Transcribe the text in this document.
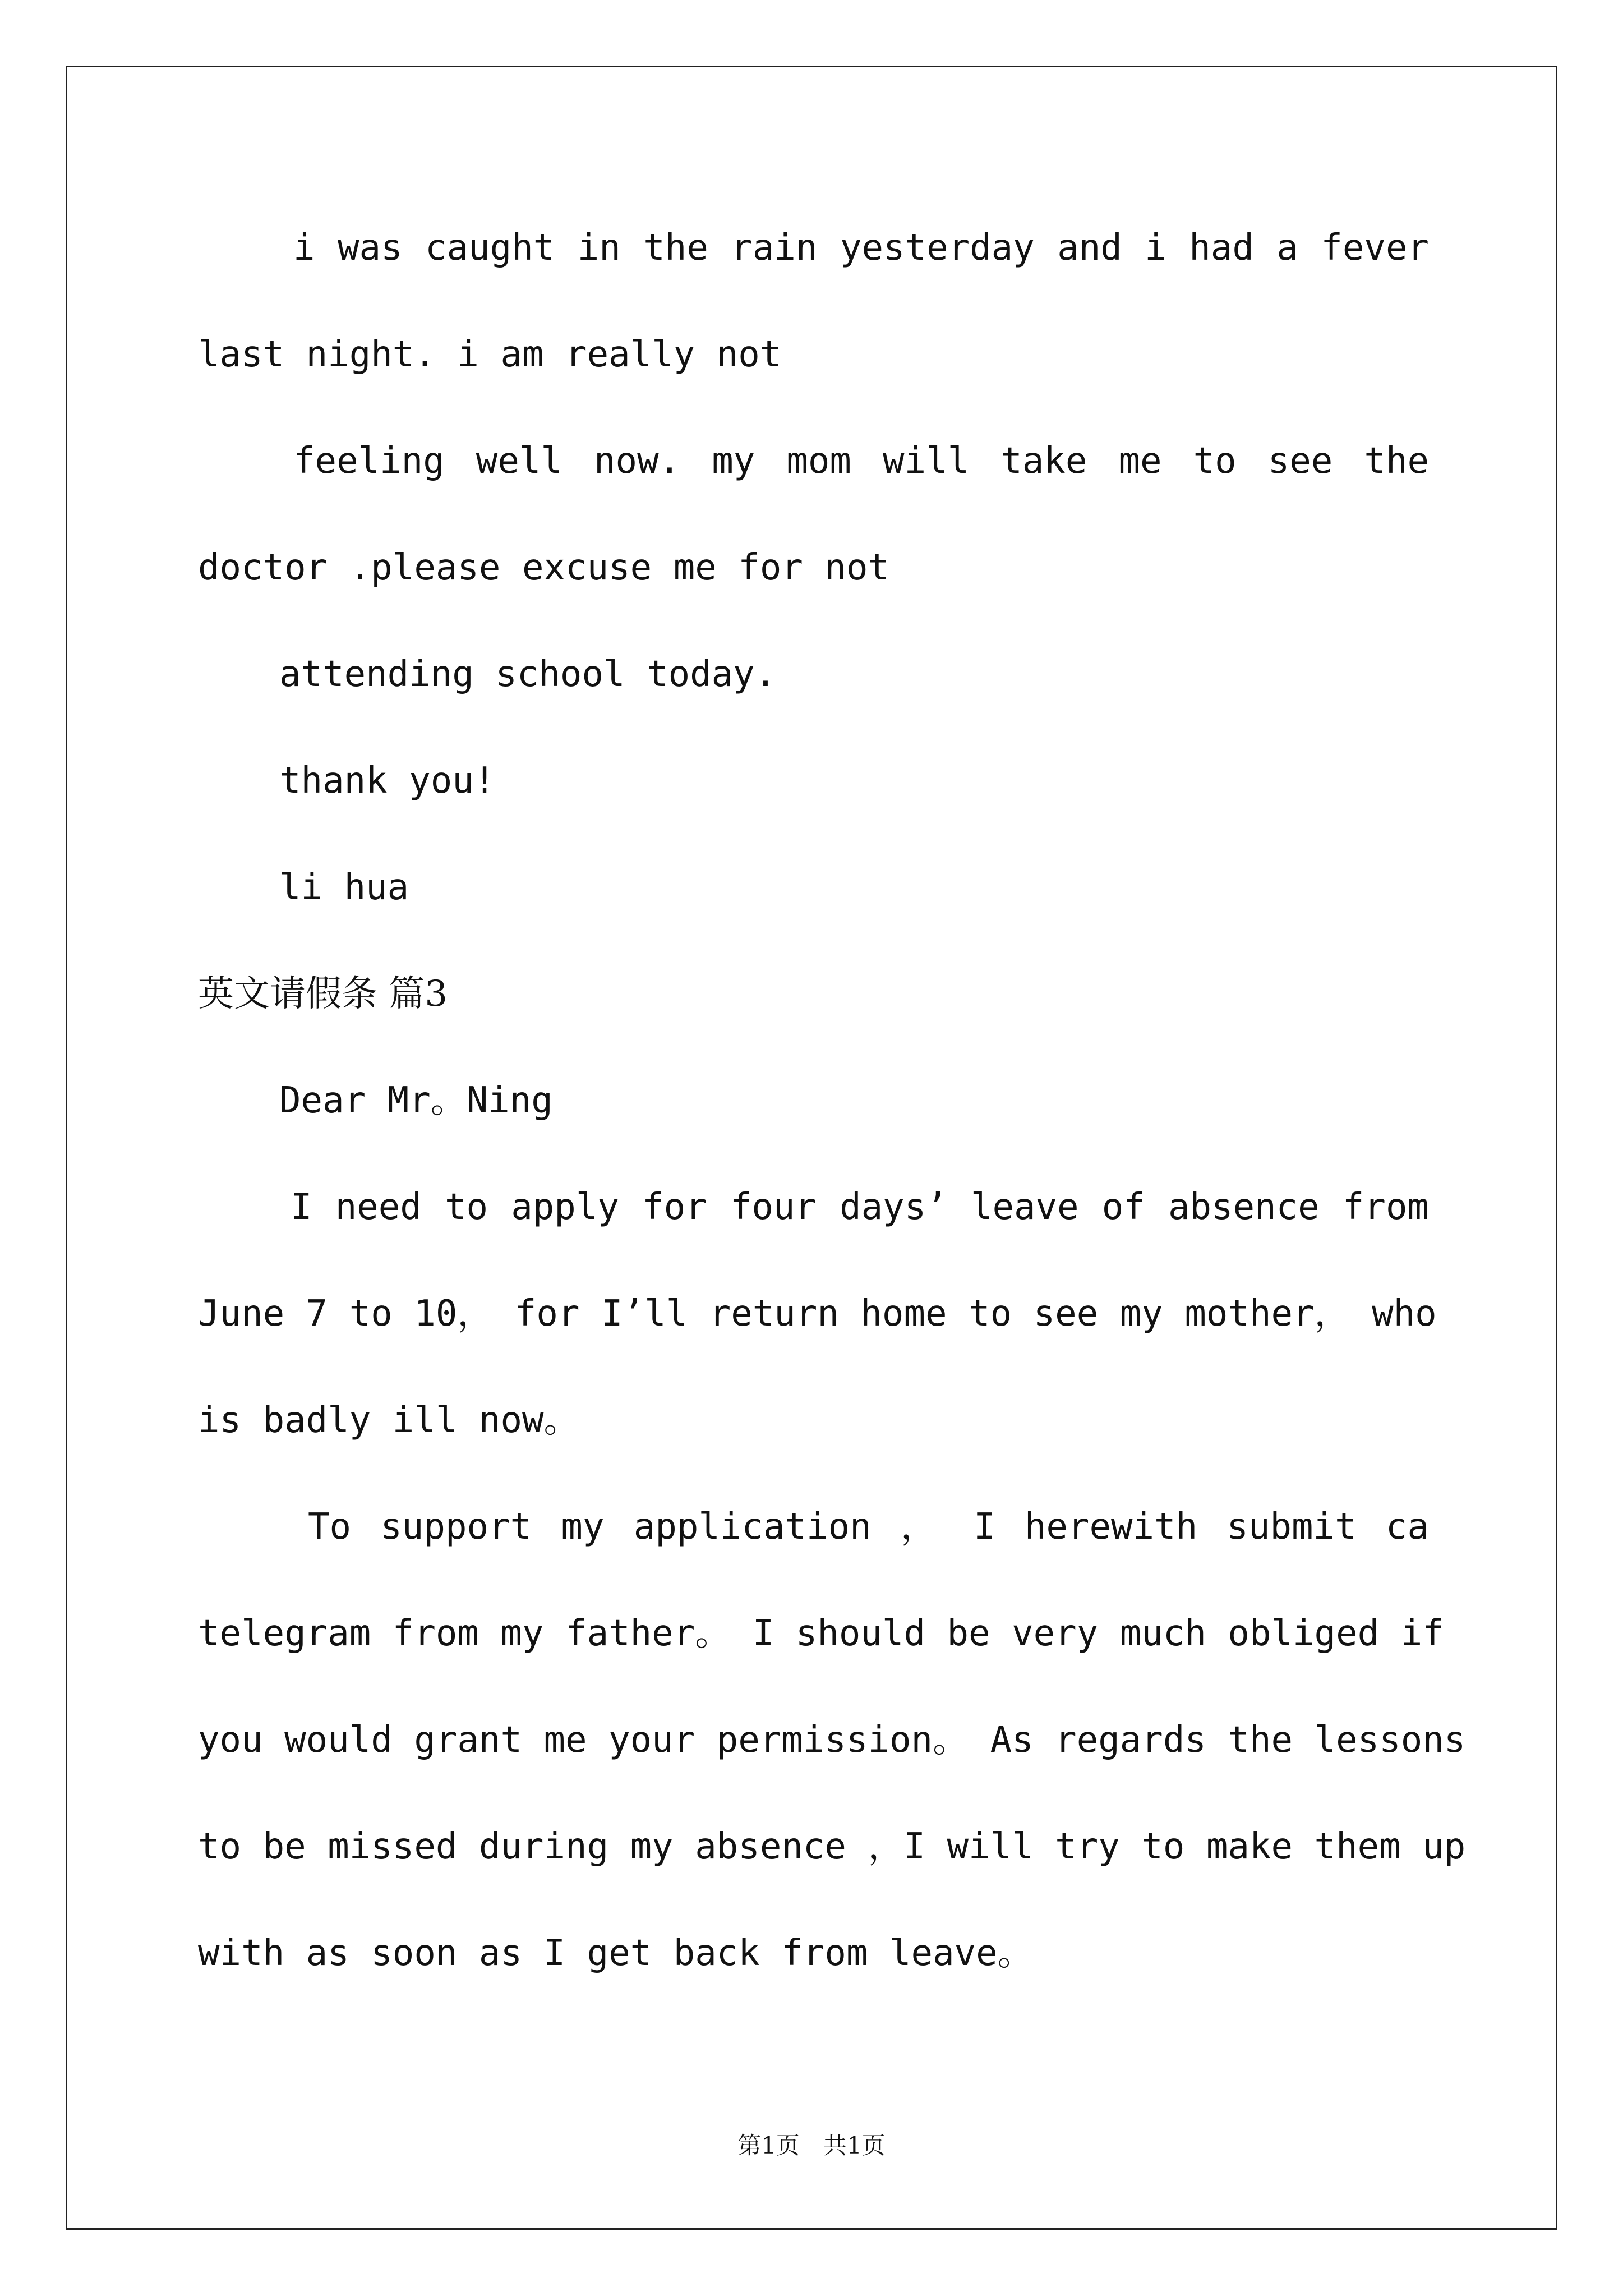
i was caught in the rain yesterday and i had a fever
last night. i am really not
feeling well now. my mom will take me to see the
doctor .please excuse me for not
attending school today.
thank you!
li hua
英文请假条 篇3
Dear Mr。Ning
I need to apply for four days’ leave of absence from
June 7 to 10， for I’ll return home to see my mother， who
is badly ill now。
To support my application ， I herewith submit ca
telegram from my father。 I should be very much obliged if
you would grant me your permission。 As regards the lessons
to be missed during my absence ，I will try to make them up
with as soon as I get back from leave。
第1页　共1页
